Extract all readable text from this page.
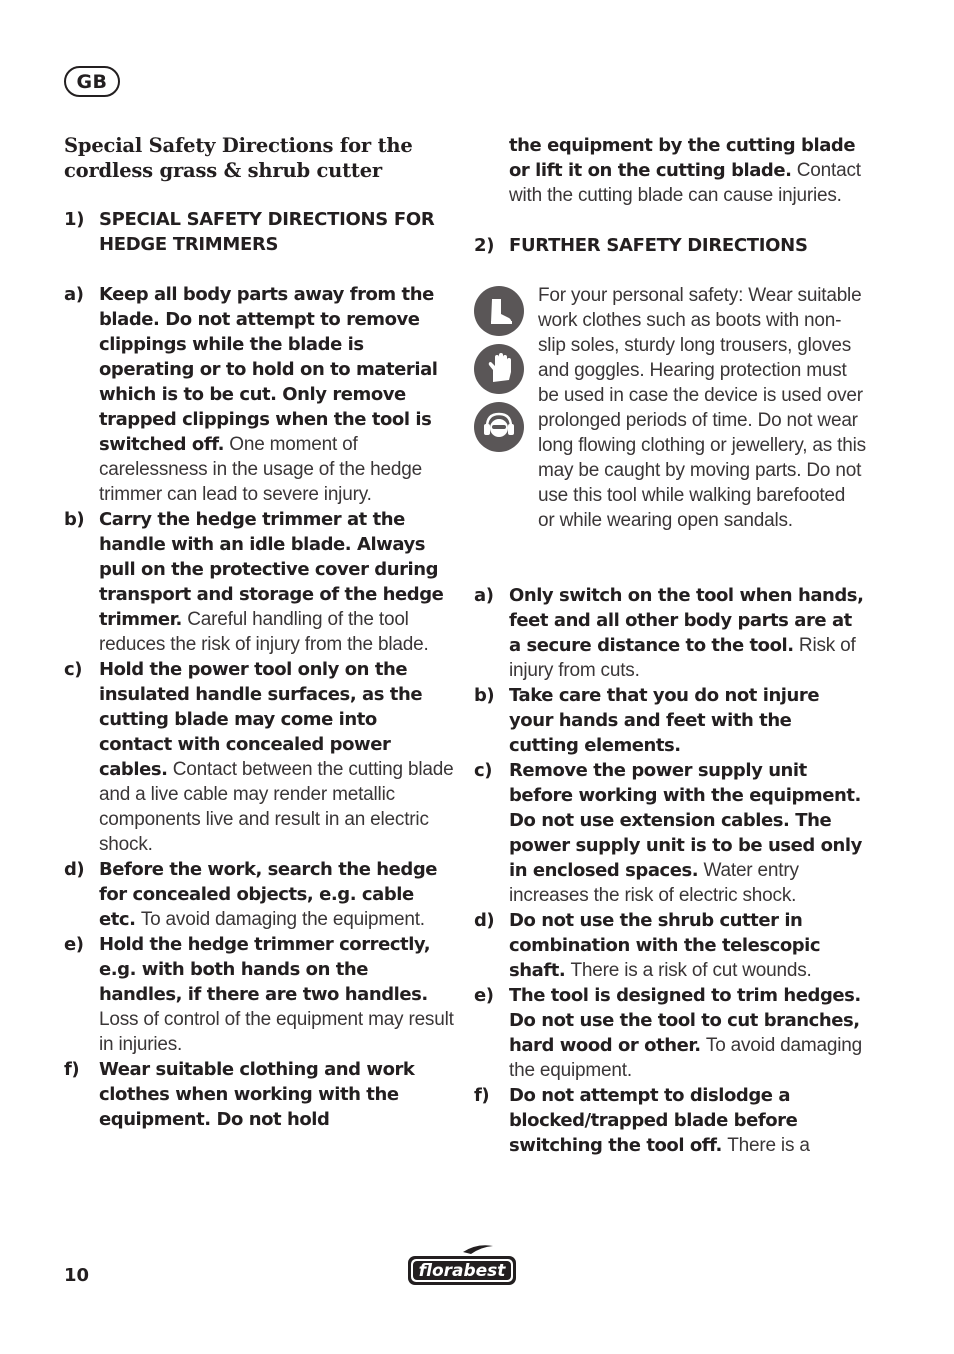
GB
Special Safety Directions for the cordless grass & shrub cutter
1) SPECIAL SAFETY DIRECTIONS FOR HEDGE TRIMMERS
a) Keep all body parts away from the blade. Do not attempt to remove clippings while the blade is operating or to hold on to material which is to be cut. Only remove trapped clippings when the tool is switched off. One moment of carelessness in the usage of the hedge trimmer can lead to severe injury.
b) Carry the hedge trimmer at the handle with an idle blade. Always pull on the protective cover during transport and storage of the hedge trimmer. Careful handling of the tool reduces the risk of injury from the blade.
c) Hold the power tool only on the insulated handle surfaces, as the cutting blade may come into contact with concealed power cables. Contact between the cutting blade and a live cable may render metallic components live and result in an electric shock.
d) Before the work, search the hedge for concealed objects, e.g. cable etc. To avoid damaging the equipment.
e) Hold the hedge trimmer correctly, e.g. with both hands on the handles, if there are two handles. Loss of control of the equipment may result in injuries.
f)	Wear suitable clothing and work clothes when working with the equipment. Do not hold
the equipment by the cutting blade or lift it on the cutting blade. Contact with the cutting blade can cause injuries.
2) FURTHER SAFETY DIRECTIONS
For your personal safety: Wear suitable work clothes such as boots with non-slip soles, sturdy long trousers, gloves and goggles. Hearing protection must be used in case the device is used over prolonged periods of time. Do not wear long flowing clothing or jewellery, as this may be caught by moving parts. Do not use this tool while walking barefooted or while wearing open sandals.
a) Only switch on the tool when hands, feet and all other body parts are at a secure distance to the tool. Risk of injury from cuts.
b) Take care that you do not injure your hands and feet with the cutting elements.
c) Remove the power supply unit before working with the equipment. Do not use extension cables. The power supply unit is to be used only in enclosed spaces. Water entry increases the risk of electric shock.
d) Do not use the shrub cutter in combination with the telescopic shaft. There is a risk of cut wounds.
e) The tool is designed to trim hedges. Do not use the tool to cut branches, hard wood or other. To avoid damaging the equipment.
f)	Do not attempt to dislodge a blocked/trapped blade before switching the tool off. There is a
10	florabest
